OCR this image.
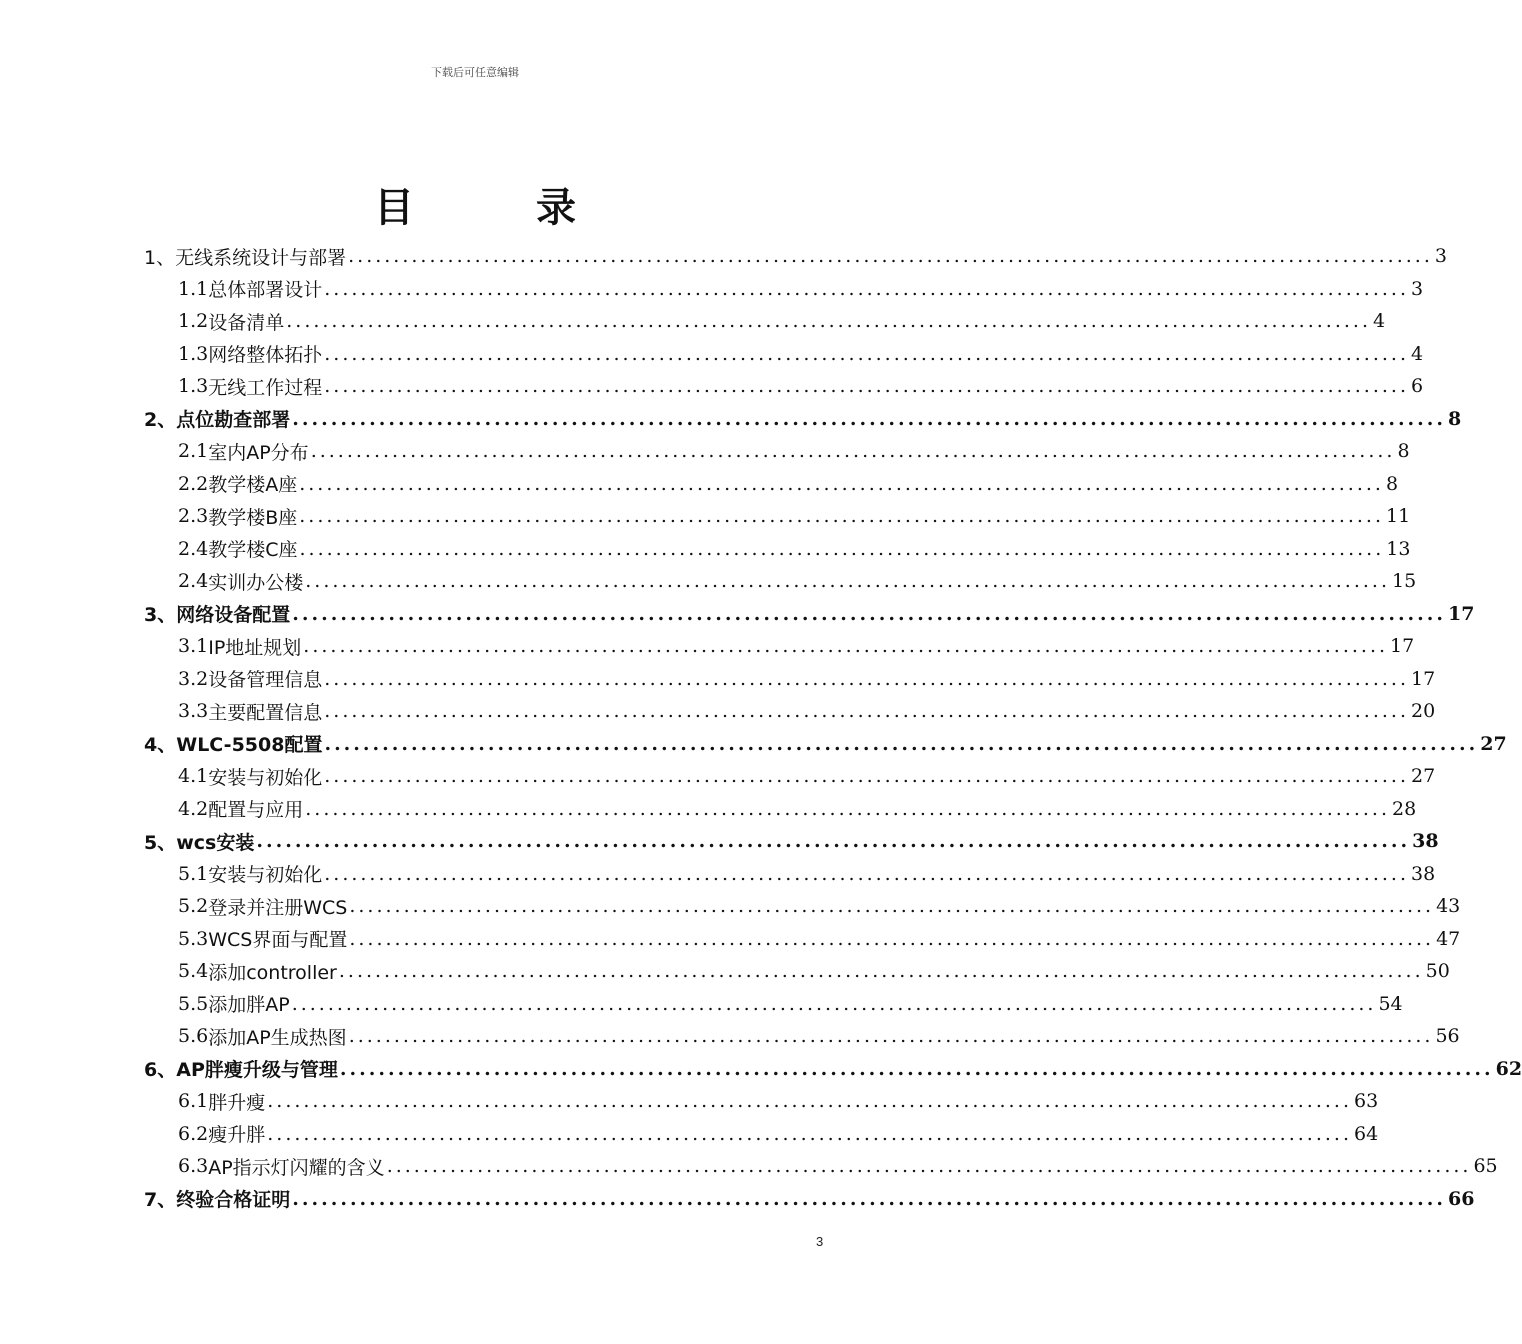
下载后可任意编辑
目 录
1、 无线系统设计与部署 ........................................................................................................................ 3
1.1 总体部署设计 ........................................................................................................................ 3
1.2 设备清单 ........................................................................................................................ 4
1.3 网络整体拓扑 ........................................................................................................................ 4
1.3 无线工作过程 ........................................................................................................................ 6
2、 点位勘查部署 ........................................................................................................................ 8
2.1 室内AP分布 ........................................................................................................................ 8
2.2 教学楼A座 ........................................................................................................................ 8
2.3 教学楼B座 ........................................................................................................................ 11
2.4 教学楼C座 ........................................................................................................................ 13
2.4 实训办公楼 ........................................................................................................................ 15
3、 网络设备配置 ........................................................................................................................ 17
3.1 IP地址规划 ........................................................................................................................ 17
3.2 设备管理信息 ........................................................................................................................ 17
3.3 主要配置信息 ........................................................................................................................ 20
4、 WLC-5508配置 ........................................................................................................................ 27
4.1 安装与初始化 ........................................................................................................................ 27
4.2 配置与应用 ........................................................................................................................ 28
5、 wcs安装 ........................................................................................................................ 38
5.1 安装与初始化 ........................................................................................................................ 38
5.2 登录并注册WCS ........................................................................................................................ 43
5.3 WCS界面与配置 ........................................................................................................................ 47
5.4 添加controller ........................................................................................................................ 50
5.5 添加胖AP ........................................................................................................................ 54
5.6 添加AP生成热图 ........................................................................................................................ 56
6、 AP胖瘦升级与管理 ........................................................................................................................ 62
6.1 胖升瘦 ........................................................................................................................ 63
6.2 瘦升胖 ........................................................................................................................ 64
6.3 AP指示灯闪耀的含义 ........................................................................................................................ 65
7、 终验合格证明 ........................................................................................................................ 66
3
